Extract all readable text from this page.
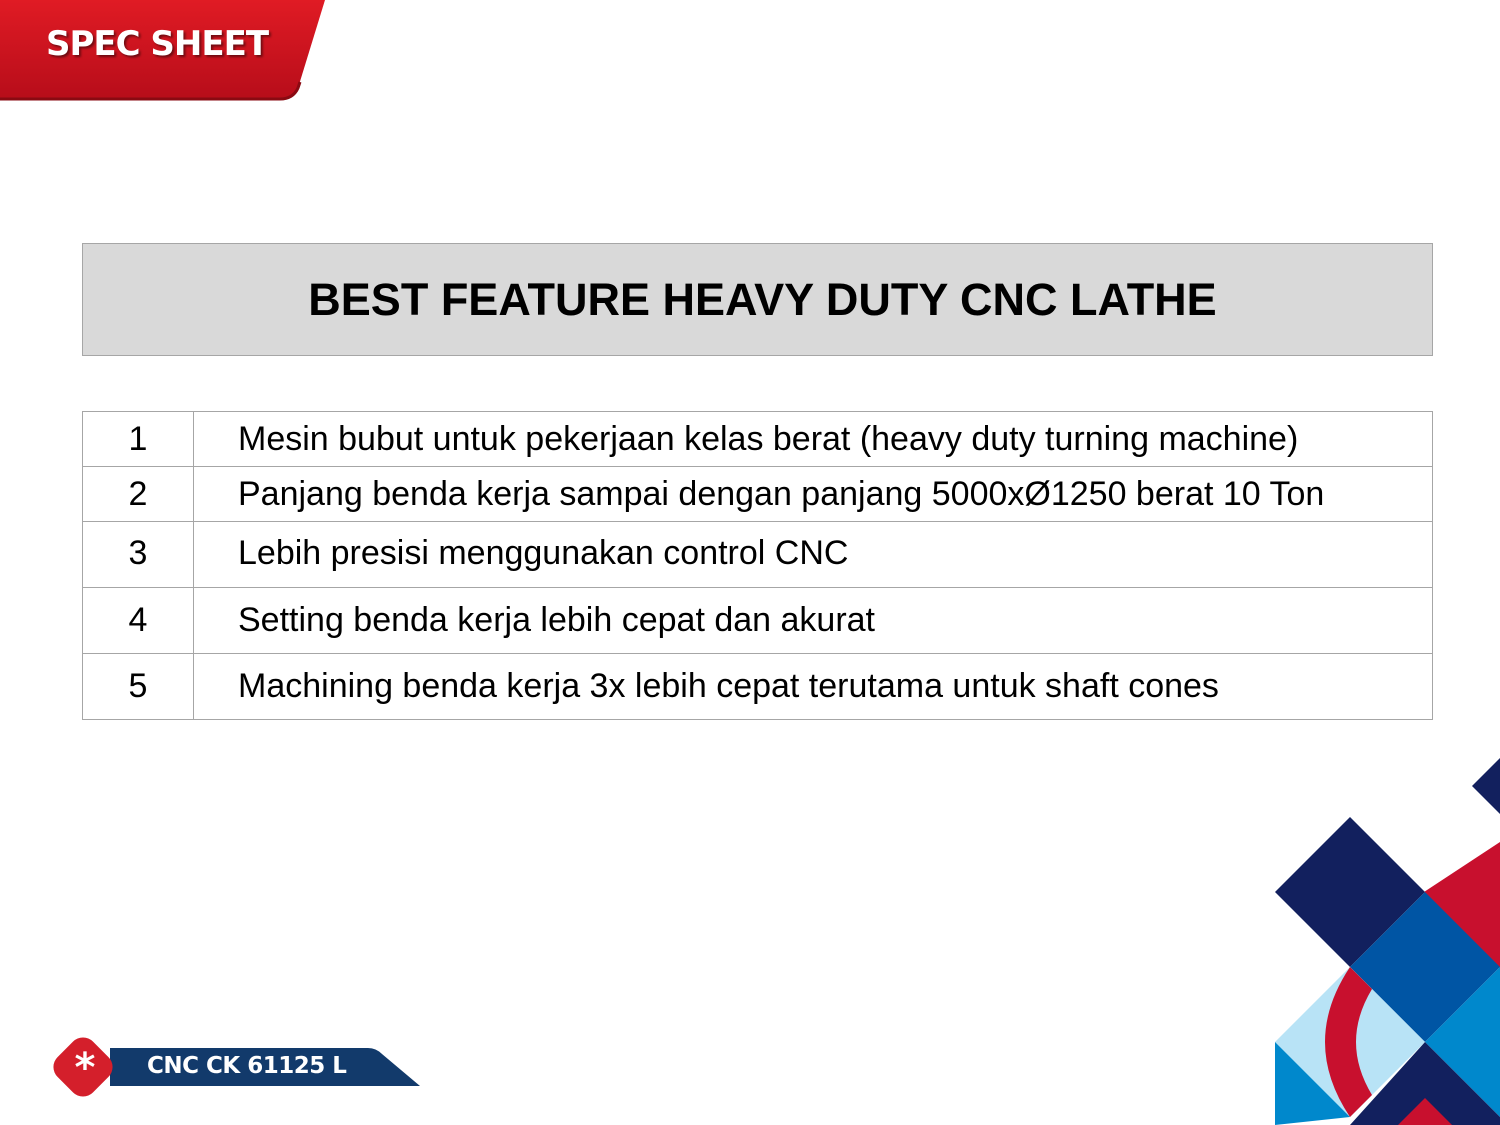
SPEC SHEET
BEST FEATURE HEAVY DUTY CNC LATHE
1	Mesin bubut untuk pekerjaan kelas berat (heavy duty turning machine)
2	Panjang benda kerja sampai dengan panjang 5000xØ1250 berat 10 Ton
3	Lebih presisi menggunakan control CNC
4	Setting benda kerja lebih cepat dan akurat
5	Machining benda kerja 3x lebih cepat terutama untuk shaft cones
* CNC CK 61125 L
